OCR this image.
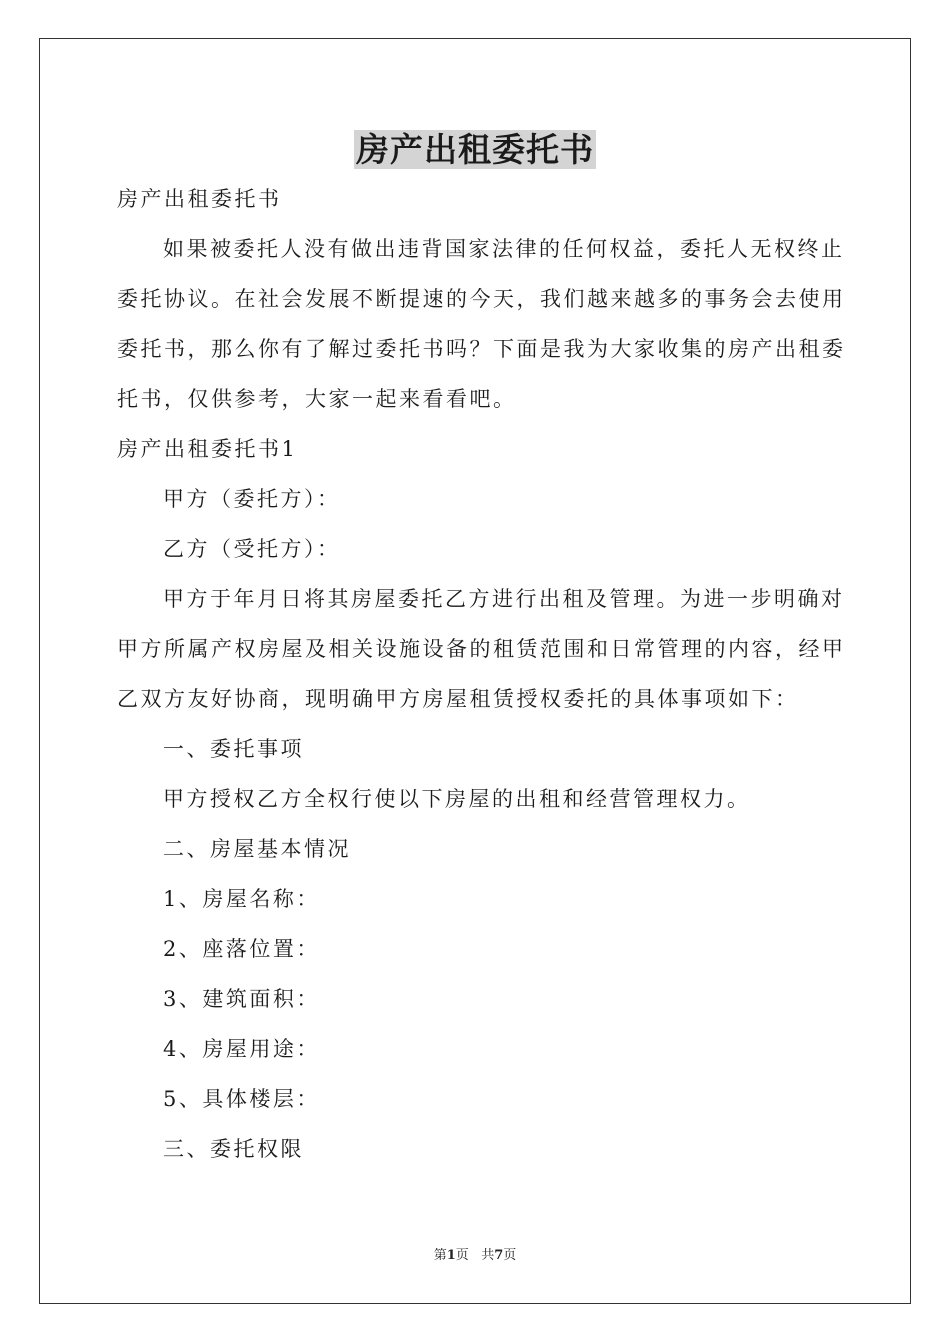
房产出租委托书

房产出租委托书

如果被委托人没有做出违背国家法律的任何权益，委托人无权终止委托协议。在社会发展不断提速的今天，我们越来越多的事务会去使用委托书，那么你有了解过委托书吗？下面是我为大家收集的房产出租委托书，仅供参考，大家一起来看看吧。

房产出租委托书1

甲方（委托方）：

乙方（受托方）：

甲方于年月日将其房屋委托乙方进行出租及管理。为进一步明确对甲方所属产权房屋及相关设施设备的租赁范围和日常管理的内容，经甲乙双方友好协商，现明确甲方房屋租赁授权委托的具体事项如下：

一、委托事项

甲方授权乙方全权行使以下房屋的出租和经营管理权力。

二、房屋基本情况

1、房屋名称：

2、座落位置：

3、建筑面积：

4、房屋用途：

5、具体楼层：

三、委托权限

第1页 共7页
